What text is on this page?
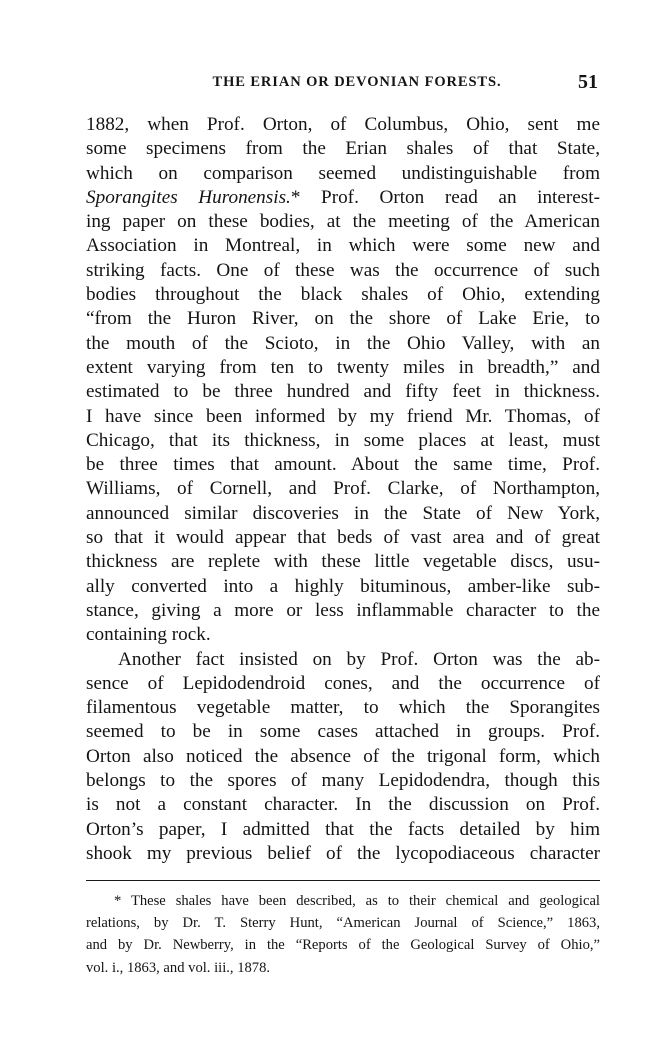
THE ERIAN OR DEVONIAN FORESTS.	51
1882, when Prof. Orton, of Columbus, Ohio, sent me
some specimens from the Erian shales of that State,
which on comparison seemed undistinguishable from
Sporangites Huronensis.* Prof. Orton read an interest-
ing paper on these bodies, at the meeting of the American
Association in Montreal, in which were some new and
striking facts. One of these was the occurrence of such
bodies throughout the black shales of Ohio, extending
“from the Huron River, on the shore of Lake Erie, to
the mouth of the Scioto, in the Ohio Valley, with an
extent varying from ten to twenty miles in breadth,” and
estimated to be three hundred and fifty feet in thickness.
I have since been informed by my friend Mr. Thomas, of
Chicago, that its thickness, in some places at least, must
be three times that amount. About the same time, Prof.
Williams, of Cornell, and Prof. Clarke, of Northampton,
announced similar discoveries in the State of New York,
so that it would appear that beds of vast area and of great
thickness are replete with these little vegetable discs, usu-
ally converted into a highly bituminous, amber-like sub-
stance, giving a more or less inflammable character to the
containing rock.
Another fact insisted on by Prof. Orton was the ab-
sence of Lepidodendroid cones, and the occurrence of
filamentous vegetable matter, to which the Sporangites
seemed to be in some cases attached in groups. Prof.
Orton also noticed the absence of the trigonal form, which
belongs to the spores of many Lepidodendra, though this
is not a constant character. In the discussion on Prof.
Orton’s paper, I admitted that the facts detailed by him
shook my previous belief of the lycopodiaceous character
* These shales have been described, as to their chemical and geological
relations, by Dr. T. Sterry Hunt, “American Journal of Science,” 1863,
and by Dr. Newberry, in the “Reports of the Geological Survey of Ohio,”
vol. i., 1863, and vol. iii., 1878.
